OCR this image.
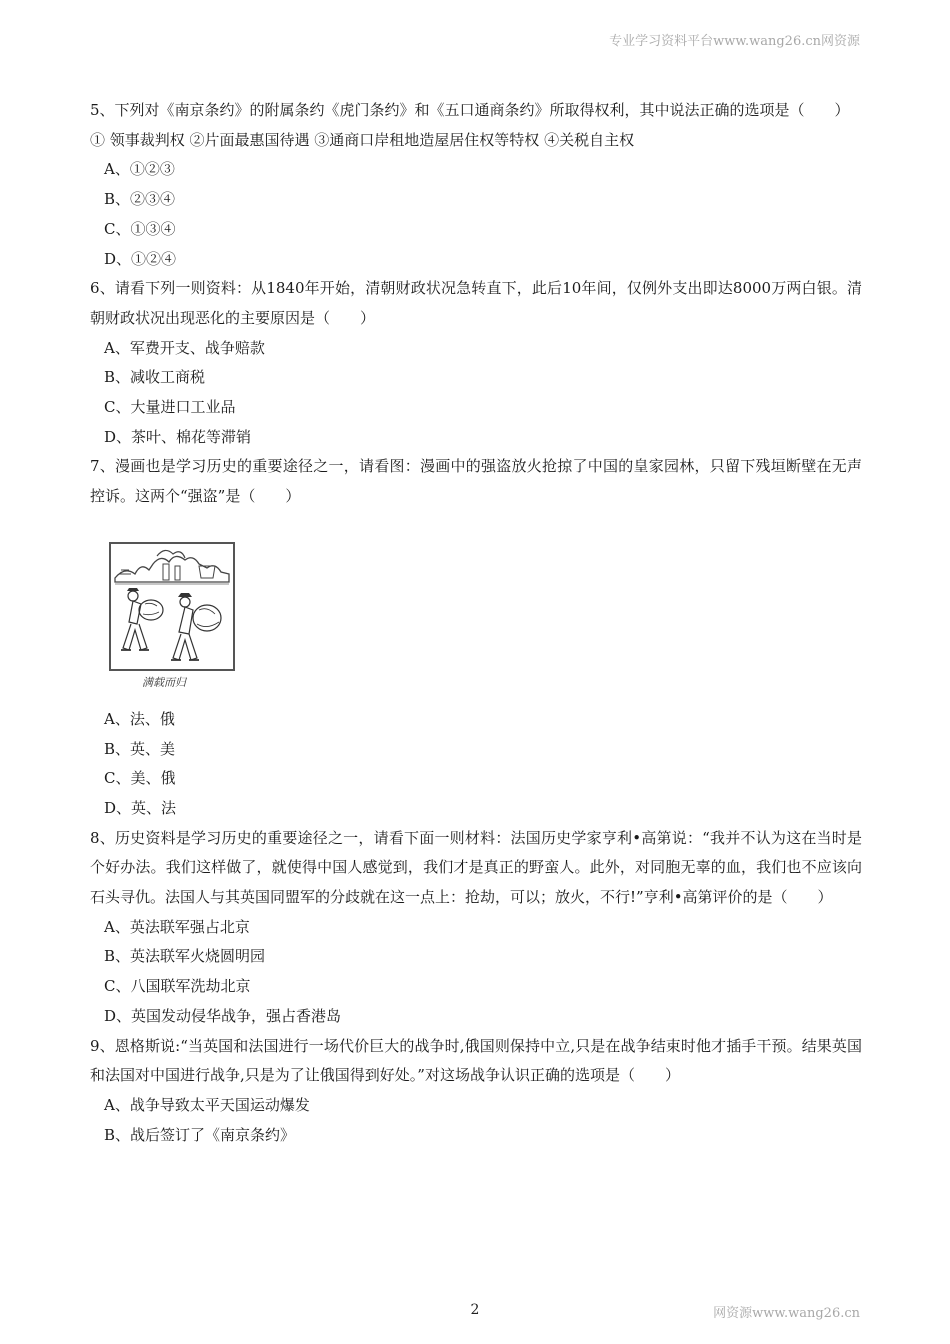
专业学习资料平台www.wang26.cn网资源

5、下列对《南京条约》的附属条约《虎门条约》和《五口通商条约》所取得权利，其中说法正确的选项是（　　）

① 领事裁判权 ②片面最惠国待遇 ③通商口岸租地造屋居住权等特权 ④关税自主权

A、①②③

B、②③④

C、①③④

D、①②④

6、请看下列一则资料：从1840年开始，清朝财政状况急转直下，此后10年间，仅例外支出即达8000万两白银。清朝财政状况出现恶化的主要原因是（　　）

A、军费开支、战争赔款

B、减收工商税

C、大量进口工业品

D、茶叶、棉花等滞销

7、漫画也是学习历史的重要途径之一，请看图：漫画中的强盗放火抢掠了中国的皇家园林，只留下残垣断壁在无声控诉。这两个“强盗”是（　　）

满载而归

A、法、俄

B、英、美

C、美、俄

D、英、法

8、历史资料是学习历史的重要途径之一，请看下面一则材料：法国历史学家亨利•高第说：“我并不认为这在当时是个好办法。我们这样做了，就使得中国人感觉到，我们才是真正的野蛮人。此外，对同胞无辜的血，我们也不应该向石头寻仇。法国人与其英国同盟军的分歧就在这一点上：抢劫，可以；放火，不行!”亨利•高第评价的是（　　）

A、英法联军强占北京

B、英法联军火烧圆明园

C、八国联军洗劫北京

D、英国发动侵华战争，强占香港岛

9、恩格斯说:“当英国和法国进行一场代价巨大的战争时,俄国则保持中立,只是在战争结束时他才插手干预。结果英国和法国对中国进行战争,只是为了让俄国得到好处。”对这场战争认识正确的选项是（　　）

A、战争导致太平天国运动爆发

B、战后签订了《南京条约》

2	网资源www.wang26.cn
